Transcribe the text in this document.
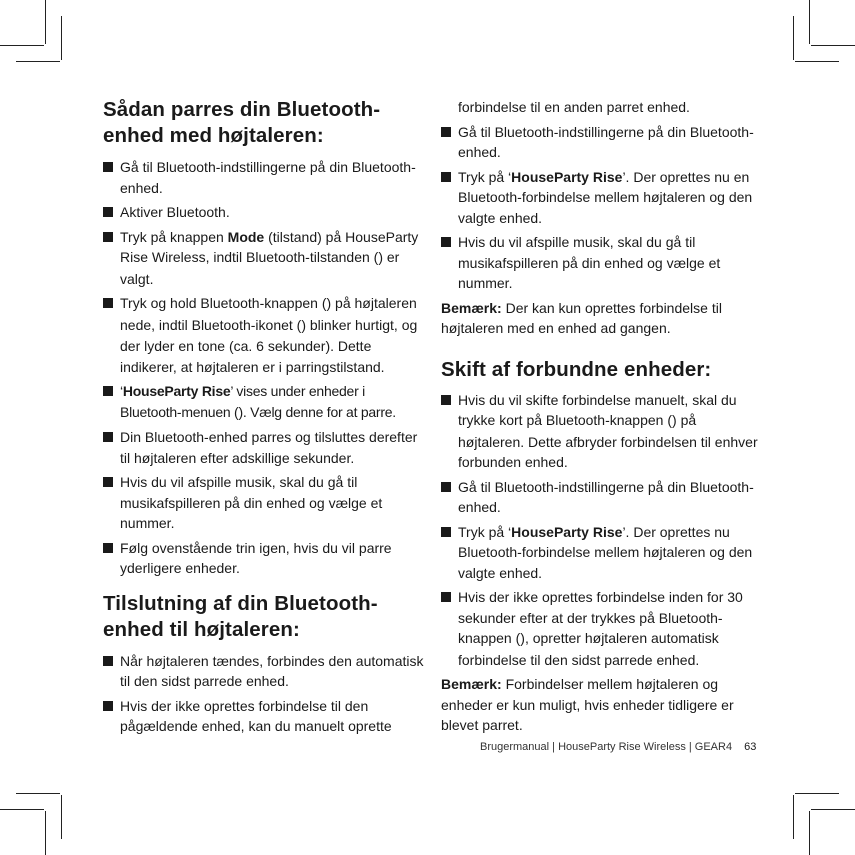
Sådan parres din Bluetooth-enhed med højtaleren:
Gå til Bluetooth-indstillingerne på din Bluetooth-enhed.
Aktiver Bluetooth.
Tryk på knappen Mode (tilstand) på HouseParty Rise Wireless, indtil Bluetooth-tilstanden () er valgt.
Tryk og hold Bluetooth-knappen () på højtaleren nede, indtil Bluetooth-ikonet () blinker hurtigt, og der lyder en tone (ca. 6 sekunder). Dette indikerer, at højtaleren er i parringstilstand.
‘HouseParty Rise’ vises under enheder i Bluetooth-menuen (). Vælg denne for at parre.
Din Bluetooth-enhed parres og tilsluttes derefter til højtaleren efter adskillige sekunder.
Hvis du vil afspille musik, skal du gå til musikafspilleren på din enhed og vælge et nummer.
Følg ovenstående trin igen, hvis du vil parre yderligere enheder.
Tilslutning af din Bluetooth-enhed til højtaleren:
Når højtaleren tændes, forbindes den automatisk til den sidst parrede enhed.
Hvis der ikke oprettes forbindelse til den pågældende enhed, kan du manuelt oprette

forbindelse til en anden parret enhed.

Gå til Bluetooth-indstillingerne på din Bluetooth-enhed.
Tryk på ‘HouseParty Rise’. Der oprettes nu en Bluetooth-forbindelse mellem højtaleren og den valgte enhed.
Hvis du vil afspille musik, skal du gå til musikafspilleren på din enhed og vælge et nummer.

Bemærk: Der kan kun oprettes forbindelse til højtaleren med en enhed ad gangen.

Skift af forbundne enheder:
Hvis du vil skifte forbindelse manuelt, skal du trykke kort på Bluetooth-knappen () på højtaleren. Dette afbryder forbindelsen til enhver forbunden enhed.
Gå til Bluetooth-indstillingerne på din Bluetooth-enhed.
Tryk på ‘HouseParty Rise’. Der oprettes nu Bluetooth-forbindelse mellem højtaleren og den valgte enhed.
Hvis der ikke oprettes forbindelse inden for 30 sekunder efter at der trykkes på Bluetooth-knappen (), opretter højtaleren automatisk forbindelse til den sidst parrede enhed.

Bemærk: Forbindelser mellem højtaleren og enheder er kun muligt, hvis enheder tidligere er blevet parret.

Brugermanual | HouseParty Rise Wireless | GEAR4 63
